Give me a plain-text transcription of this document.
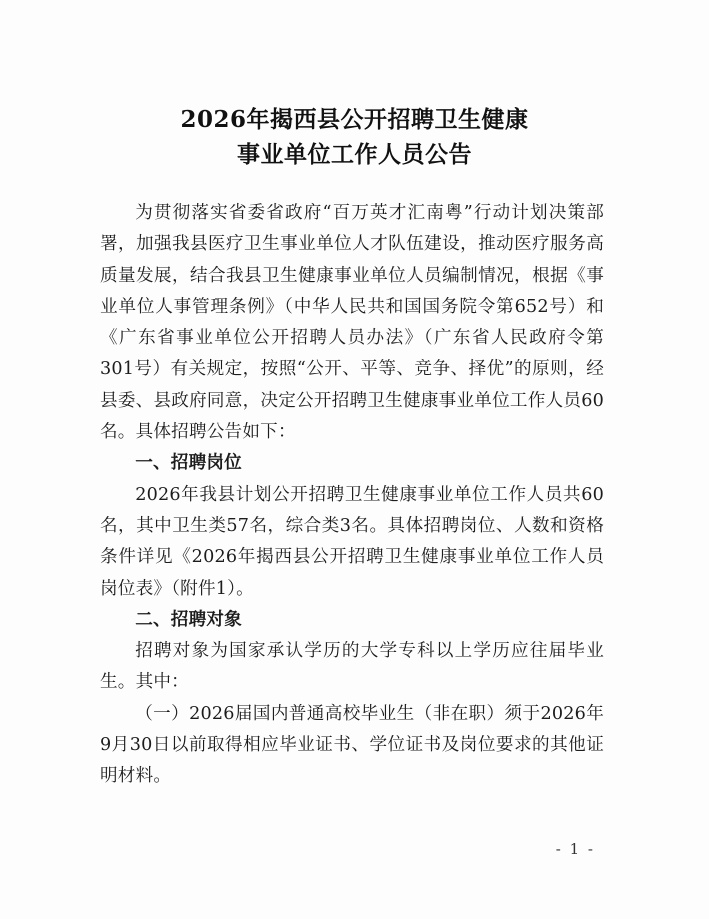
2026年揭西县公开招聘卫生健康
事业单位工作人员公告

为贯彻落实省委省政府“百万英才汇南粤”行动计划决策部署，加强我县医疗卫生事业单位人才队伍建设，推动医疗服务高质量发展，结合我县卫生健康事业单位人员编制情况，根据《事业单位人事管理条例》（中华人民共和国国务院令第652号）和《广东省事业单位公开招聘人员办法》（广东省人民政府令第301号）有关规定，按照“公开、平等、竞争、择优”的原则，经县委、县政府同意，决定公开招聘卫生健康事业单位工作人员60名。具体招聘公告如下：

一、招聘岗位

2026年我县计划公开招聘卫生健康事业单位工作人员共60名，其中卫生类57名，综合类3名。具体招聘岗位、人数和资格条件详见《2026年揭西县公开招聘卫生健康事业单位工作人员岗位表》（附件1）。

二、招聘对象

招聘对象为国家承认学历的大学专科以上学历应往届毕业生。其中：

（一）2026届国内普通高校毕业生（非在职）须于2026年9月30日以前取得相应毕业证书、学位证书及岗位要求的其他证明材料。

- 1 -
